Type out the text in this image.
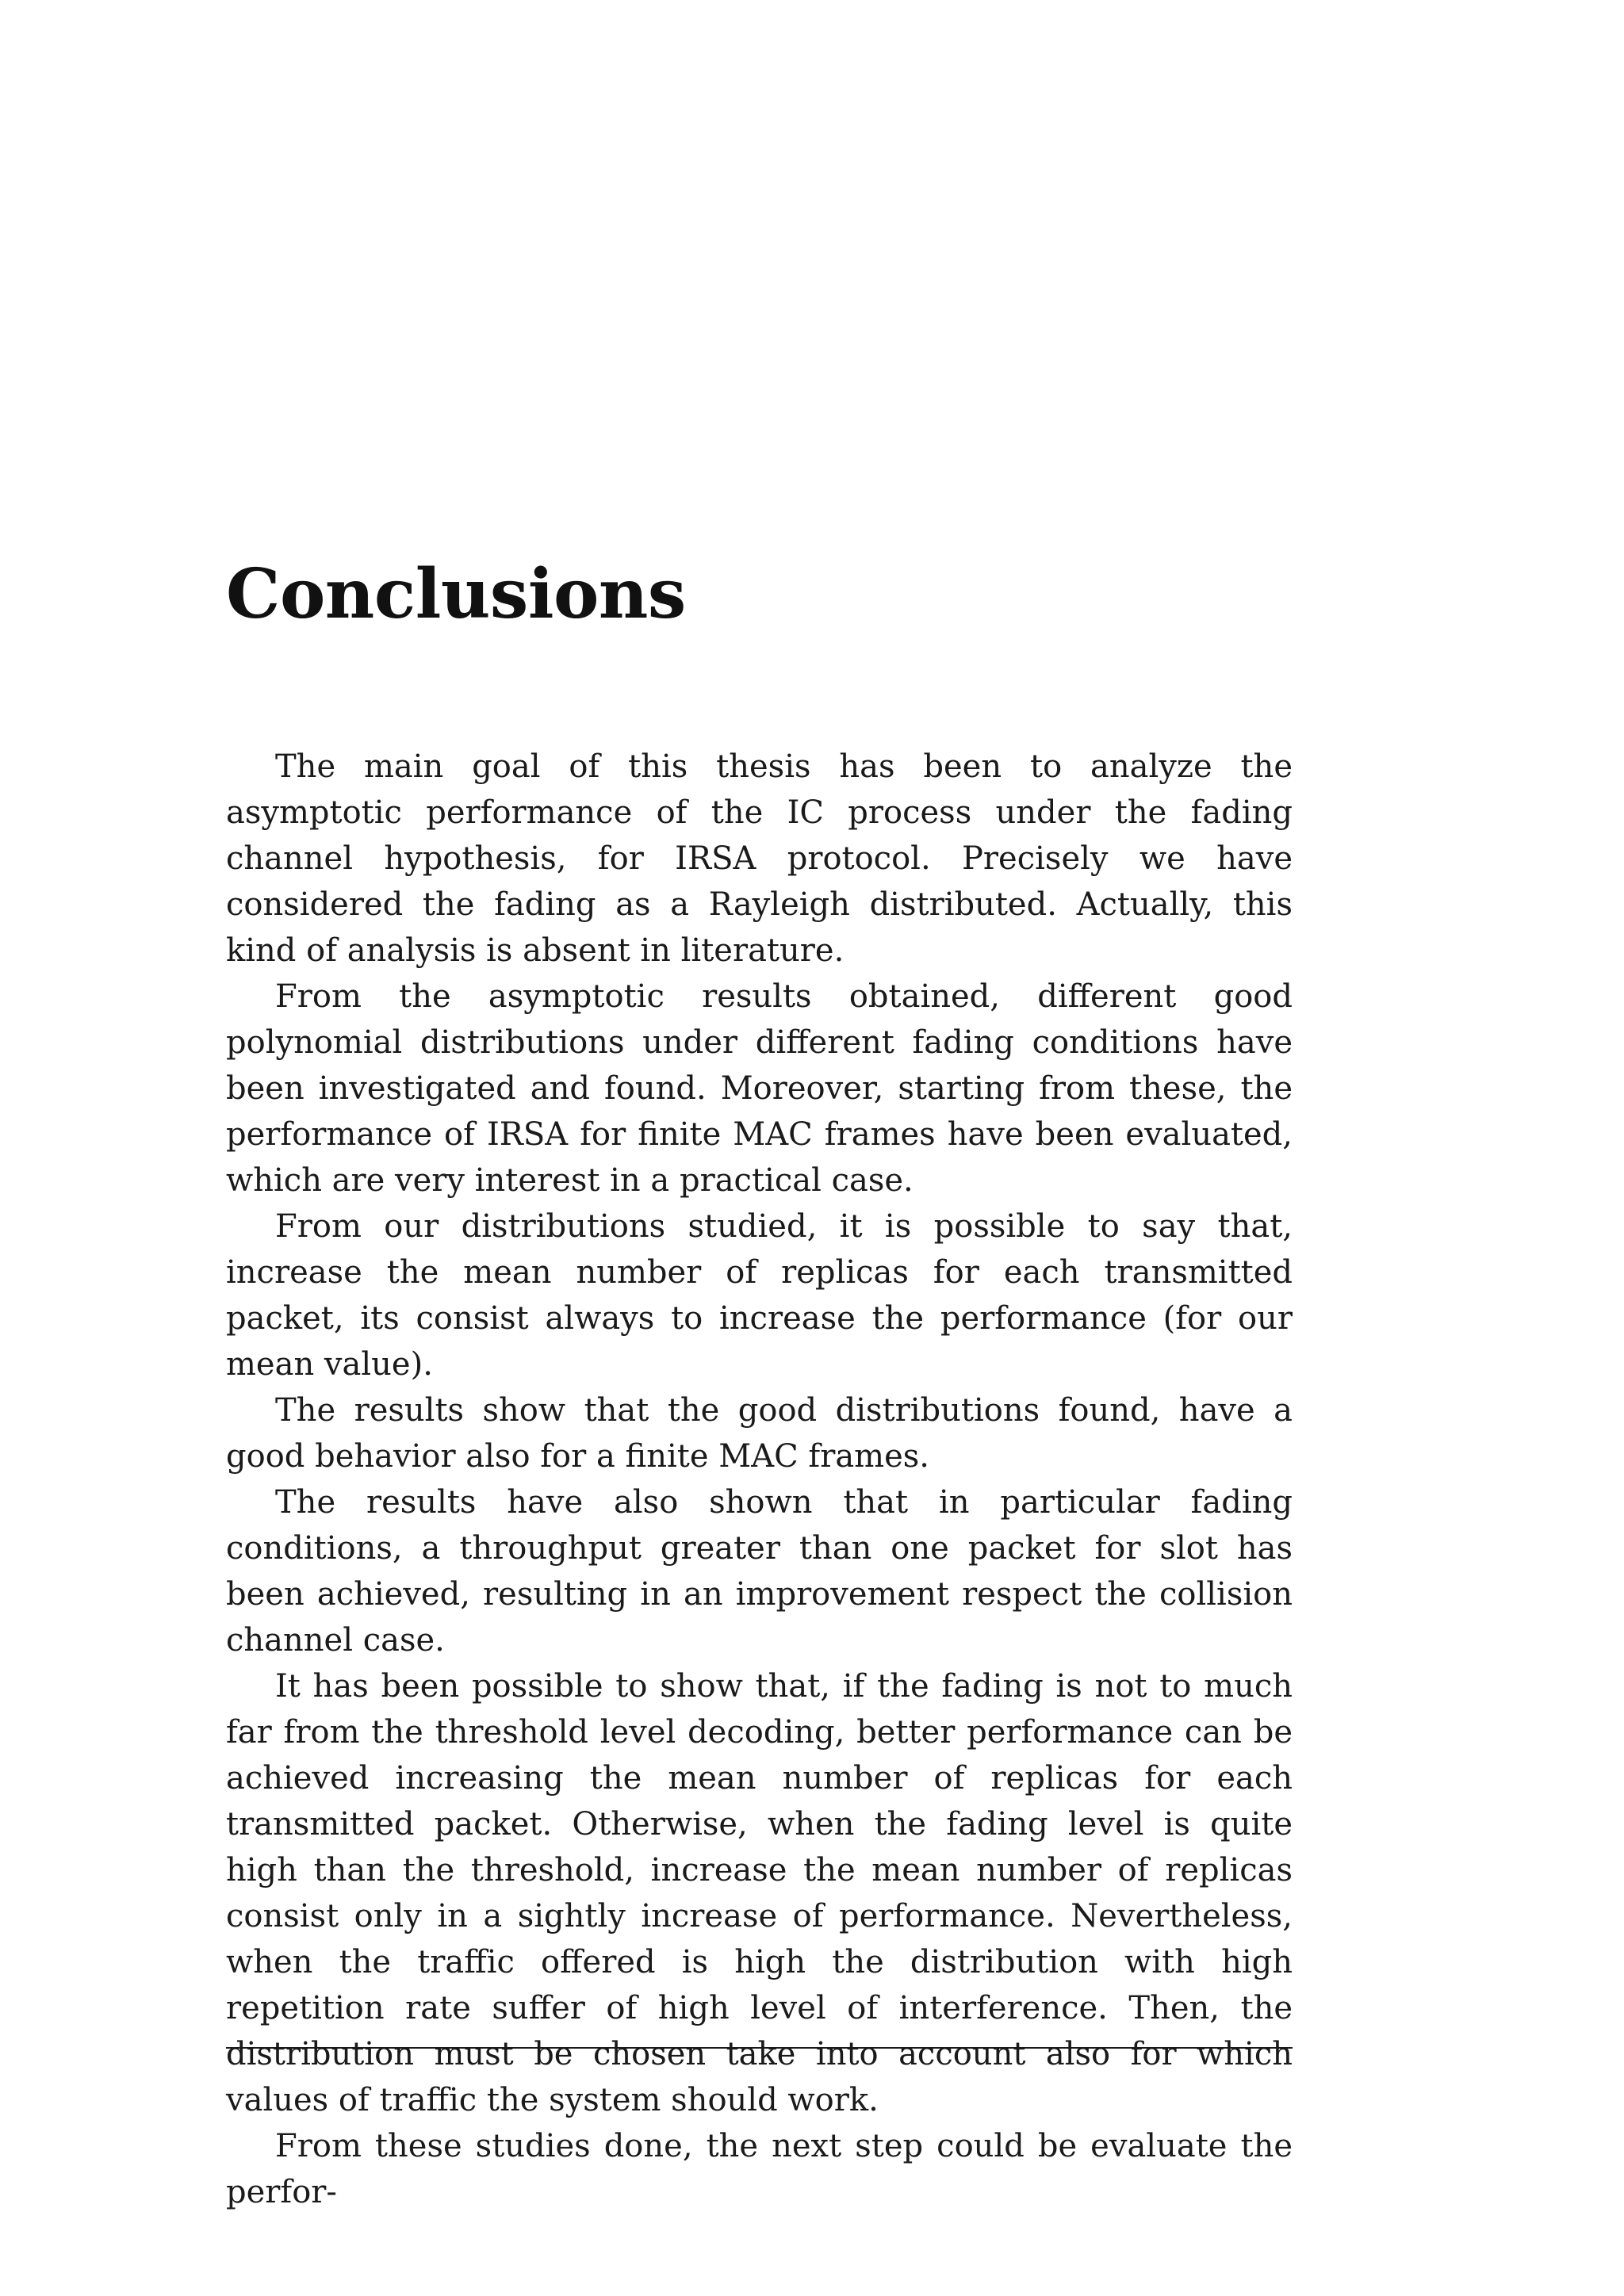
Conclusions

The main goal of this thesis has been to analyze the asymptotic performance of the IC process under the fading channel hypothesis, for IRSA protocol. Precisely we have considered the fading as a Rayleigh distributed. Actually, this kind of analysis is absent in literature.

From the asymptotic results obtained, different good polynomial distributions under different fading conditions have been investigated and found. Moreover, starting from these, the performance of IRSA for finite MAC frames have been evaluated, which are very interest in a practical case.

From our distributions studied, it is possible to say that, increase the mean number of replicas for each transmitted packet, its consist always to increase the performance (for our mean value).

The results show that the good distributions found, have a good behavior also for a finite MAC frames.

The results have also shown that in particular fading conditions, a throughput greater than one packet for slot has been achieved, resulting in an improvement respect the collision channel case.

It has been possible to show that, if the fading is not to much far from the threshold level decoding, better performance can be achieved increasing the mean number of replicas for each transmitted packet. Otherwise, when the fading level is quite high than the threshold, increase the mean number of replicas consist only in a sightly increase of performance. Nevertheless, when the traffic offered is high the distribution with high repetition rate suffer of high level of interference. Then, the distribution must be chosen take into account also for which values of traffic the system should work.

From these studies done, the next step could be evaluate the perfor-
